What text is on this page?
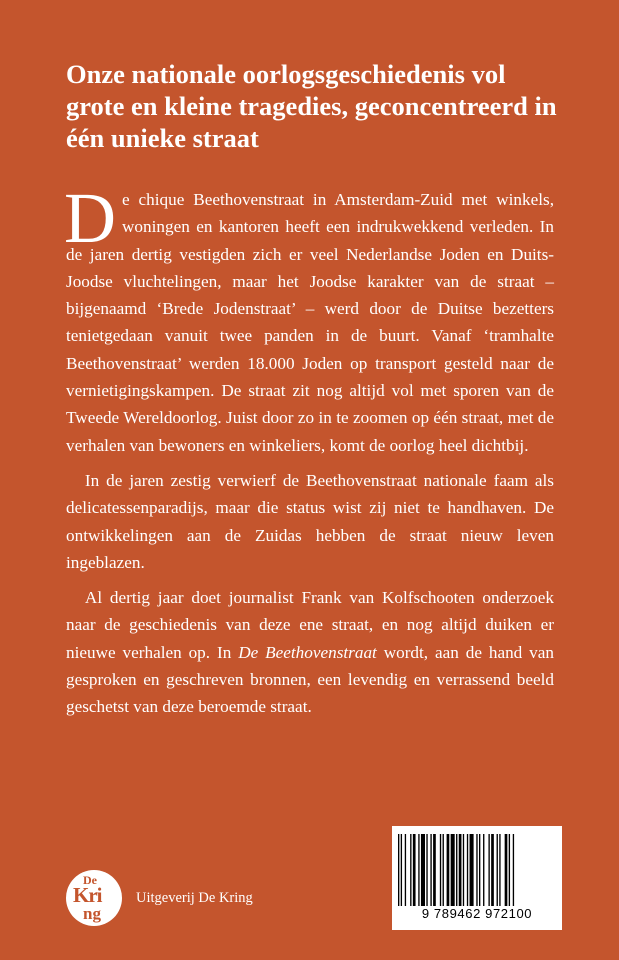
Onze nationale oorlogsgeschiedenis vol grote en kleine tragedies, geconcentreerd in één unieke straat

De chique Beethovenstraat in Amsterdam-Zuid met winkels, woningen en kantoren heeft een indrukwekkend verleden. In de jaren dertig vestigden zich er veel Nederlandse Joden en Duits-Joodse vluchtelingen, maar het Joodse karakter van de straat – bijgenaamd ‘Brede Jodenstraat’ – werd door de Duitse bezetters tenietgedaan vanuit twee panden in de buurt. Vanaf ‘tramhalte Beethovenstraat’ werden 18.000 Joden op transport gesteld naar de vernietigingskampen. De straat zit nog altijd vol met sporen van de Tweede Wereldoorlog. Juist door zo in te zoomen op één straat, met de verhalen van bewoners en winkeliers, komt de oorlog heel dichtbij.

In de jaren zestig verwierf de Beethovenstraat nationale faam als delicatessenparadijs, maar die status wist zij niet te handhaven. De ontwikkelingen aan de Zuidas hebben de straat nieuw leven ingeblazen.

Al dertig jaar doet journalist Frank van Kolfschooten onderzoek naar de geschiedenis van deze ene straat, en nog altijd duiken er nieuwe verhalen op. In De Beethovenstraat wordt, aan de hand van gesproken en geschreven bronnen, een levendig en verrassend beeld geschetst van deze beroemde straat.

De
Kri
ng
Uitgeverij De Kring
9 789462 972100
